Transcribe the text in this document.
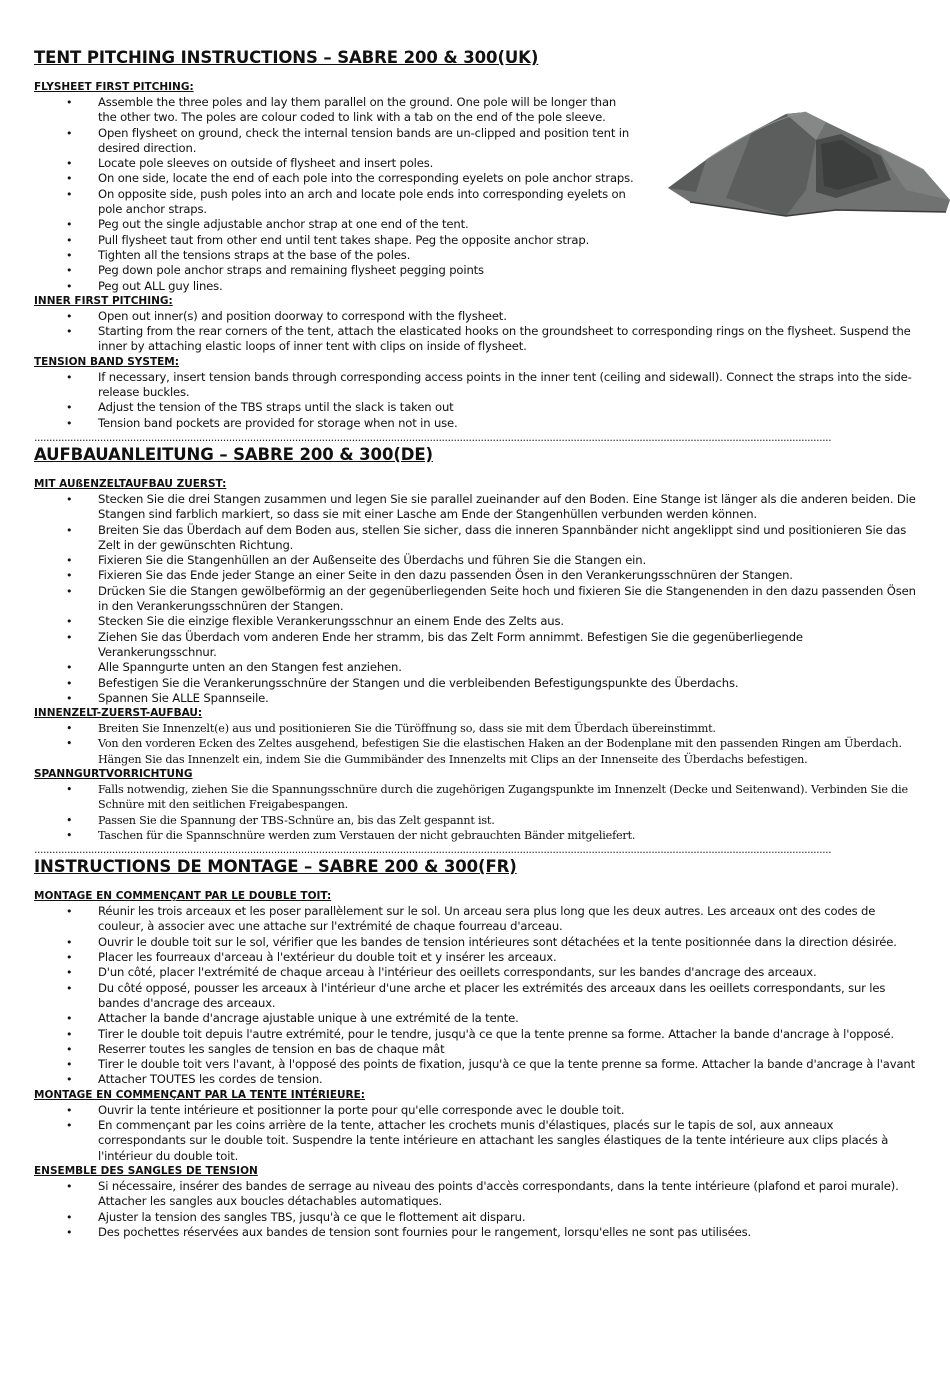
TENT PITCHING INSTRUCTIONS – SABRE 200 & 300(UK)
FLYSHEET FIRST PITCHING:
• Assemble the three poles and lay them parallel on the ground. One pole will be longer than the other two. The poles are colour coded to link with a tab on the end of the pole sleeve.
• Open flysheet on ground, check the internal tension bands are un-clipped and position tent in desired direction.
• Locate pole sleeves on outside of flysheet and insert poles.
• On one side, locate the end of each pole into the corresponding eyelets on pole anchor straps.
• On opposite side, push poles into an arch and locate pole ends into corresponding eyelets on pole anchor straps.
• Peg out the single adjustable anchor strap at one end of the tent.
• Pull flysheet taut from other end until tent takes shape. Peg the opposite anchor strap.
• Tighten all the tensions straps at the base of the poles.
• Peg down pole anchor straps and remaining flysheet pegging points
• Peg out ALL guy lines.
INNER FIRST PITCHING:
• Open out inner(s) and position doorway to correspond with the flysheet.
• Starting from the rear corners of the tent, attach the elasticated hooks on the groundsheet to corresponding rings on the flysheet. Suspend the inner by attaching elastic loops of inner tent with clips on inside of flysheet.
TENSION BAND SYSTEM:
• If necessary, insert tension bands through corresponding access points in the inner tent (ceiling and sidewall). Connect the straps into the side-release buckles.
• Adjust the tension of the TBS straps until the slack is taken out
• Tension band pockets are provided for storage when not in use.
..........................................................................................................................................................................................................................................................................
AUFBAUANLEITUNG – SABRE 200 & 300(DE)
MIT AUßENZELTAUFBAU ZUERST:
• Stecken Sie die drei Stangen zusammen und legen Sie sie parallel zueinander auf den Boden. Eine Stange ist länger als die anderen beiden. Die Stangen sind farblich markiert, so dass sie mit einer Lasche am Ende der Stangenhüllen verbunden werden können.
• Breiten Sie das Überdach auf dem Boden aus, stellen Sie sicher, dass die inneren Spannbänder nicht angeklippt sind und positionieren Sie das Zelt in der gewünschten Richtung.
• Fixieren Sie die Stangenhüllen an der Außenseite des Überdachs und führen Sie die Stangen ein.
• Fixieren Sie das Ende jeder Stange an einer Seite in den dazu passenden Ösen in den Verankerungsschnüren der Stangen.
• Drücken Sie die Stangen gewölbeförmig an der gegenüberliegenden Seite hoch und fixieren Sie die Stangenenden in den dazu passenden Ösen in den Verankerungsschnüren der Stangen.
• Stecken Sie die einzige flexible Verankerungsschnur an einem Ende des Zelts aus.
• Ziehen Sie das Überdach vom anderen Ende her stramm, bis das Zelt Form annimmt. Befestigen Sie die gegenüberliegende Verankerungsschnur.
• Alle Spanngurte unten an den Stangen fest anziehen.
• Befestigen Sie die Verankerungsschnüre der Stangen und die verbleibenden Befestigungspunkte des Überdachs.
• Spannen Sie ALLE Spannseile.
INNENZELT-ZUERST-AUFBAU:
• Breiten Sie Innenzelt(e) aus und positionieren Sie die Türöffnung so, dass sie mit dem Überdach übereinstimmt.
• Von den vorderen Ecken des Zeltes ausgehend, befestigen Sie die elastischen Haken an der Bodenplane mit den passenden Ringen am Überdach. Hängen Sie das Innenzelt ein, indem Sie die Gummibänder des Innenzelts mit Clips an der Innenseite des Überdachs befestigen.
SPANNGURTVORRICHTUNG
• Falls notwendig, ziehen Sie die Spannungsschnüre durch die zugehörigen Zugangspunkte im Innenzelt (Decke und Seitenwand). Verbinden Sie die Schnüre mit den seitlichen Freigabespangen.
• Passen Sie die Spannung der TBS-Schnüre an, bis das Zelt gespannt ist.
• Taschen für die Spannschnüre werden zum Verstauen der nicht gebrauchten Bänder mitgeliefert.
..........................................................................................................................................................................................................................................................................
INSTRUCTIONS DE MONTAGE – SABRE 200 & 300(FR)
MONTAGE EN COMMENÇANT PAR LE DOUBLE TOIT:
• Réunir les trois arceaux et les poser parallèlement sur le sol. Un arceau sera plus long que les deux autres. Les arceaux ont des codes de couleur, à associer avec une attache sur l'extrémité de chaque fourreau d'arceau.
• Ouvrir le double toit sur le sol, vérifier que les bandes de tension intérieures sont détachées et la tente positionnée dans la direction désirée.
• Placer les fourreaux d'arceau à l'extérieur du double toit et y insérer les arceaux.
• D'un côté, placer l'extrémité de chaque arceau à l'intérieur des oeillets correspondants, sur les bandes d'ancrage des arceaux.
• Du côté opposé, pousser les arceaux à l'intérieur d'une arche et placer les extrémités des arceaux dans les oeillets correspondants, sur les bandes d'ancrage des arceaux.
• Attacher la bande d'ancrage ajustable unique à une extrémité de la tente.
• Tirer le double toit depuis l'autre extrémité, pour le tendre, jusqu'à ce que la tente prenne sa forme. Attacher la bande d'ancrage à l'opposé.
• Reserrer toutes les sangles de tension en bas de chaque mât
• Tirer le double toit vers l'avant, à l'opposé des points de fixation, jusqu'à ce que la tente prenne sa forme. Attacher la bande d'ancrage à l'avant
• Attacher TOUTES les cordes de tension.
MONTAGE EN COMMENÇANT PAR LA TENTE INTÉRIEURE:
• Ouvrir la tente intérieure et positionner la porte pour qu'elle corresponde avec le double toit.
• En commençant par les coins arrière de la tente, attacher les crochets munis d'élastiques, placés sur le tapis de sol, aux anneaux correspondants sur le double toit. Suspendre la tente intérieure en attachant les sangles élastiques de la tente intérieure aux clips placés à l'intérieur du double toit.
ENSEMBLE DES SANGLES DE TENSION
• Si nécessaire, insérer des bandes de serrage au niveau des points d'accès correspondants, dans la tente intérieure (plafond et paroi murale). Attacher les sangles aux boucles détachables automatiques.
• Ajuster la tension des sangles TBS, jusqu'à ce que le flottement ait disparu.
• Des pochettes réservées aux bandes de tension sont fournies pour le rangement, lorsqu'elles ne sont pas utilisées.
